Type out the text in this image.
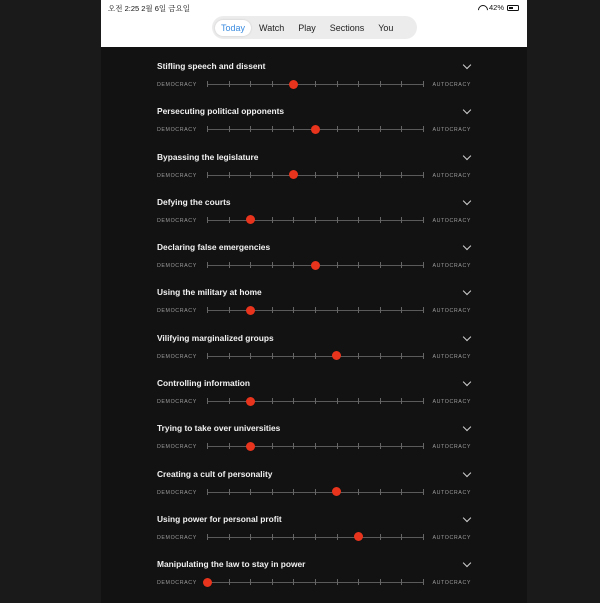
오전 2:25 2월 6일 금요일	42%
Today	Watch	Play	Sections	You
Stifling speech and dissent
DEMOCRACY	AUTOCRACY
Persecuting political opponents
DEMOCRACY	AUTOCRACY
Bypassing the legislature
DEMOCRACY	AUTOCRACY
Defying the courts
DEMOCRACY	AUTOCRACY
Declaring false emergencies
DEMOCRACY	AUTOCRACY
Using the military at home
DEMOCRACY	AUTOCRACY
Vilifying marginalized groups
DEMOCRACY	AUTOCRACY
Controlling information
DEMOCRACY	AUTOCRACY
Trying to take over universities
DEMOCRACY	AUTOCRACY
Creating a cult of personality
DEMOCRACY	AUTOCRACY
Using power for personal profit
DEMOCRACY	AUTOCRACY
Manipulating the law to stay in power
DEMOCRACY	AUTOCRACY
